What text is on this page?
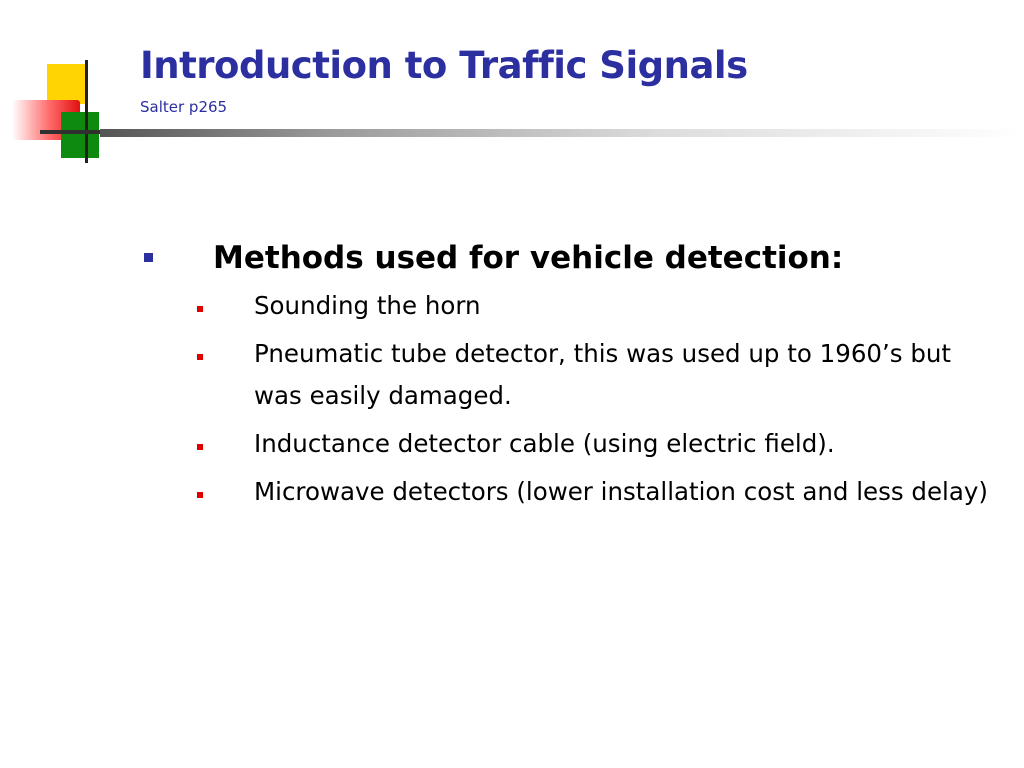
Introduction to Traffic Signals
Salter p265
Methods used for vehicle detection:
Sounding the horn
Pneumatic tube detector, this was used up to 1960’s but was easily damaged.
Inductance detector cable (using electric field).
Microwave detectors (lower installation cost and less delay)
